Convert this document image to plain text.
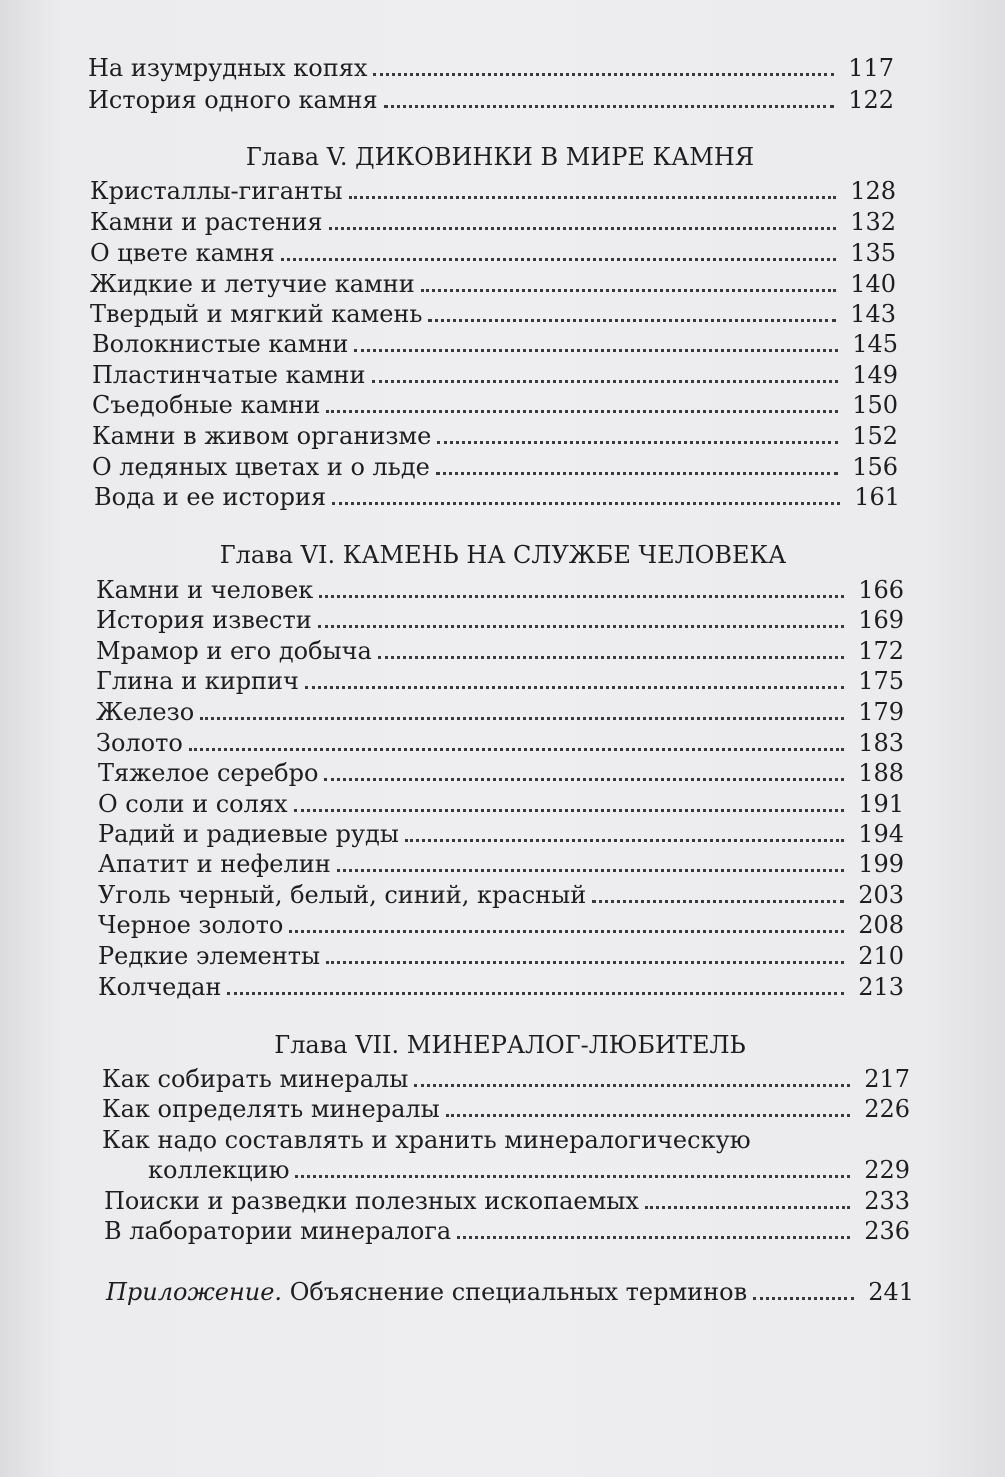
На изумрудных копях	117
История одного камня	122
Глава V. ДИКОВИНКИ В МИРЕ КАМНЯ
Кристаллы-гиганты	128
Камни и растения	132
О цвете камня	135
Жидкие и летучие камни	140
Твердый и мягкий камень	143
Волокнистые камни	145
Пластинчатые камни	149
Съедобные камни	150
Камни в живом организме	152
О ледяных цветах и о льде	156
Вода и ее история	161
Глава VI. КАМЕНЬ НА СЛУЖБЕ ЧЕЛОВЕКА
Камни и человек	166
История извести	169
Мрамор и его добыча	172
Глина и кирпич	175
Железо	179
Золото	183
Тяжелое серебро	188
О соли и солях	191
Радий и радиевые руды	194
Апатит и нефелин	199
Уголь черный, белый, синий, красный	203
Черное золото	208
Редкие элементы	210
Колчедан	213
Глава VII. МИНЕРАЛОГ-ЛЮБИТЕЛЬ
Как собирать минералы	217
Как определять минералы	226
Как надо составлять и хранить минералогическую
коллекцию	229
Поиски и разведки полезных ископаемых	233
В лаборатории минералога	236
Приложение. Объяснение специальных терминов	241
